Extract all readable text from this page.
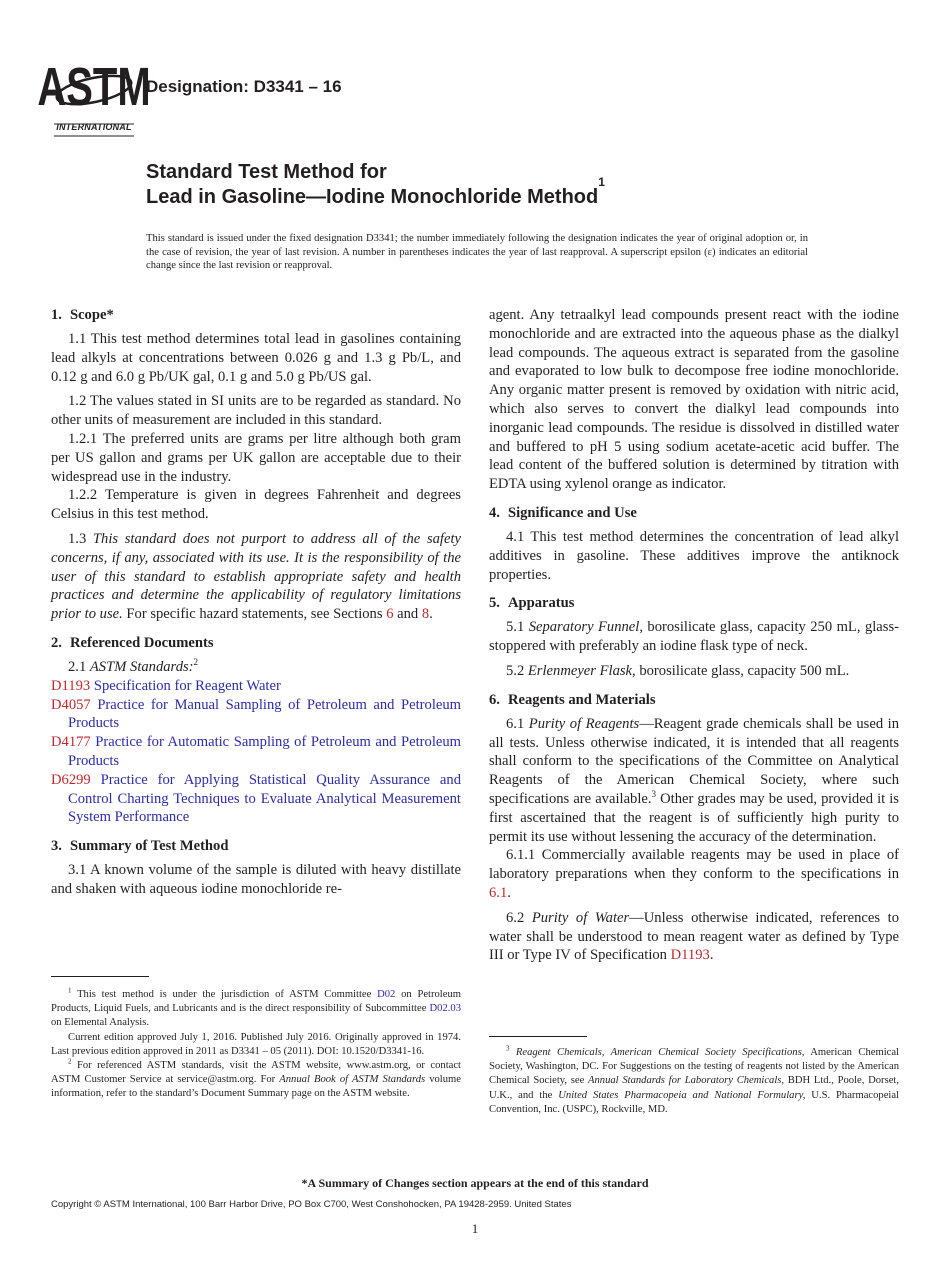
ASTM
INTERNATIONAL
Designation: D3341 – 16
Standard Test Method for
Lead in Gasoline—Iodine Monochloride Method$^1$
This standard is issued under the fixed designation D3341; the number immediately following the designation indicates the year of original adoption or, in the case of revision, the year of last revision. A number in parentheses indicates the year of last reapproval. A superscript epsilon (ε) indicates an editorial change since the last revision or reapproval.
1. Scope*

1.1 This test method determines total lead in gasolines containing lead alkyls at concentrations between 0.026 g and 1.3 g Pb/L, and 0.12 g and 6.0 g Pb/UK gal, 0.1 g and 5.0 g Pb/US gal.

1.2 The values stated in SI units are to be regarded as standard. No other units of measurement are included in this standard.

1.2.1 The preferred units are grams per litre although both gram per US gallon and grams per UK gallon are acceptable due to their widespread use in the industry.

1.2.2 Temperature is given in degrees Fahrenheit and degrees Celsius in this test method.

1.3 This standard does not purport to address all of the safety concerns, if any, associated with its use. It is the responsibility of the user of this standard to establish appropriate safety and health practices and determine the applicability of regulatory limitations prior to use. For specific hazard statements, see Sections 6 and 8.

2. Referenced Documents

2.1 ASTM Standards:$^2$

D1193 Specification for Reagent Water
D4057 Practice for Manual Sampling of Petroleum and Petroleum Products
D4177 Practice for Automatic Sampling of Petroleum and Petroleum Products
D6299 Practice for Applying Statistical Quality Assurance and Control Charting Techniques to Evaluate Analytical Measurement System Performance
3. Summary of Test Method

3.1 A known volume of the sample is diluted with heavy distillate and shaken with aqueous iodine monochloride re-

$^1$ This test method is under the jurisdiction of ASTM Committee D02 on Petroleum Products, Liquid Fuels, and Lubricants and is the direct responsibility of Subcommittee D02.03 on Elemental Analysis.

Current edition approved July 1, 2016. Published July 2016. Originally approved in 1974. Last previous edition approved in 2011 as D3341 – 05 (2011). DOI: 10.1520/D3341-16.

$^2$ For referenced ASTM standards, visit the ASTM website, www.astm.org, or contact ASTM Customer Service at service@astm.org. For Annual Book of ASTM Standards volume information, refer to the standard’s Document Summary page on the ASTM website.

agent. Any tetraalkyl lead compounds present react with the iodine monochloride and are extracted into the aqueous phase as the dialkyl lead compounds. The aqueous extract is separated from the gasoline and evaporated to low bulk to decompose free iodine monochloride. Any organic matter present is removed by oxidation with nitric acid, which also serves to convert the dialkyl lead compounds into inorganic lead compounds. The residue is dissolved in distilled water and buffered to pH 5 using sodium acetate-acetic acid buffer. The lead content of the buffered solution is determined by titration with EDTA using xylenol orange as indicator.

4. Significance and Use

4.1 This test method determines the concentration of lead alkyl additives in gasoline. These additives improve the antiknock properties.

5. Apparatus

5.1 Separatory Funnel, borosilicate glass, capacity 250 mL, glass-stoppered with preferably an iodine flask type of neck.

5.2 Erlenmeyer Flask, borosilicate glass, capacity 500 mL.

6. Reagents and Materials

6.1 Purity of Reagents—Reagent grade chemicals shall be used in all tests. Unless otherwise indicated, it is intended that all reagents shall conform to the specifications of the Committee on Analytical Reagents of the American Chemical Society, where such specifications are available.$^3$ Other grades may be used, provided it is first ascertained that the reagent is of sufficiently high purity to permit its use without lessening the accuracy of the determination.

6.1.1 Commercially available reagents may be used in place of laboratory preparations when they conform to the specifications in 6.1.

6.2 Purity of Water—Unless otherwise indicated, references to water shall be understood to mean reagent water as defined by Type III or Type IV of Specification D1193.

$^3$ Reagent Chemicals, American Chemical Society Specifications, American Chemical Society, Washington, DC. For Suggestions on the testing of reagents not listed by the American Chemical Society, see Annual Standards for Laboratory Chemicals, BDH Ltd., Poole, Dorset, U.K., and the United States Pharmacopeia and National Formulary, U.S. Pharmacopeial Convention, Inc. (USPC), Rockville, MD.

*A Summary of Changes section appears at the end of this standard
Copyright © ASTM International, 100 Barr Harbor Drive, PO Box C700, West Conshohocken, PA 19428-2959. United States
1
